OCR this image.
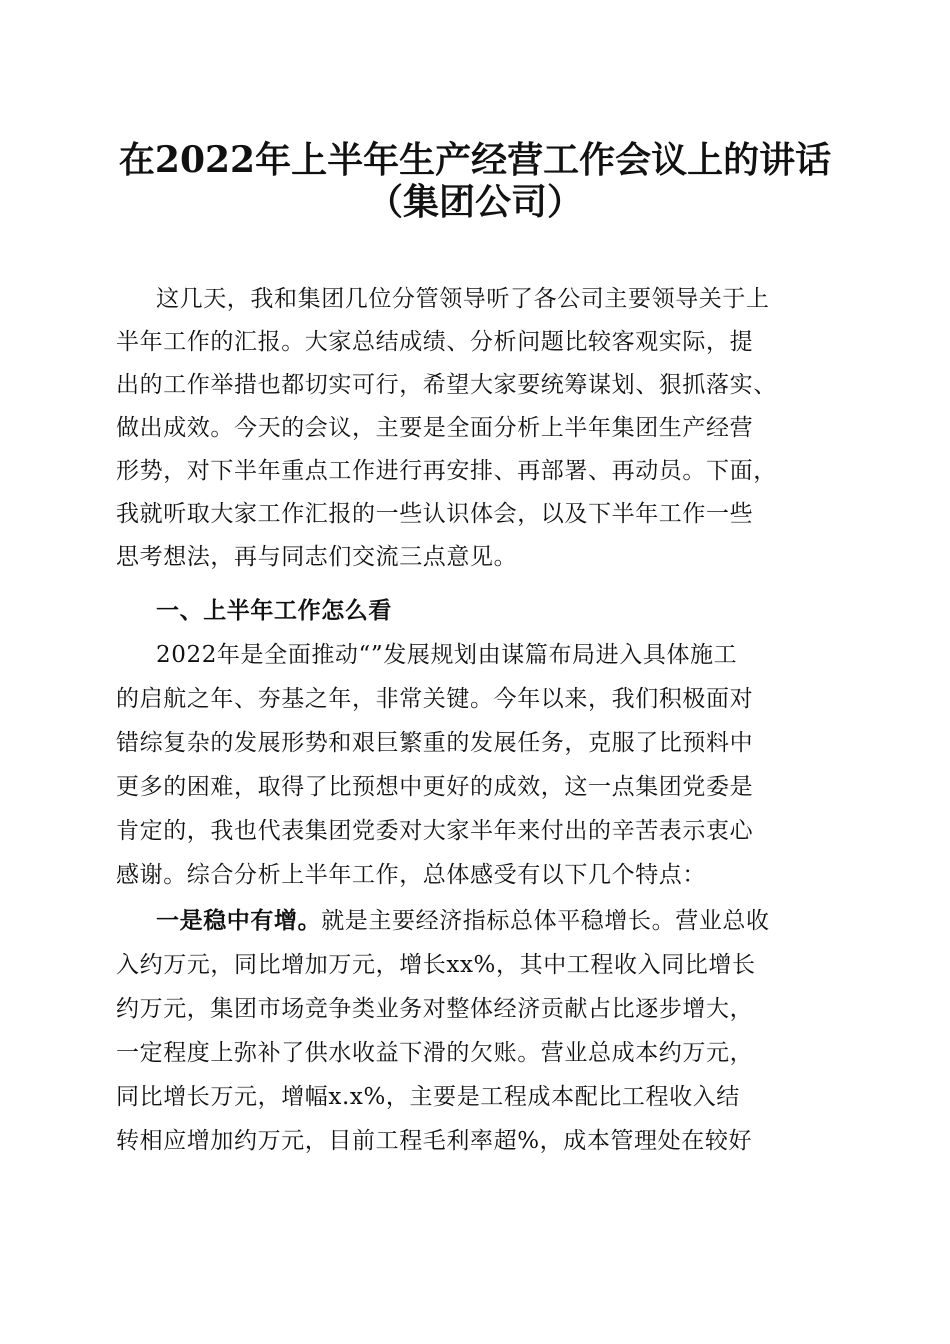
在2022年上半年生产经营工作会议上的讲话
（集团公司）
这几天，我和集团几位分管领导听了各公司主要领导关于上
半年工作的汇报。大家总结成绩、分析问题比较客观实际，提
出的工作举措也都切实可行，希望大家要统筹谋划、狠抓落实、
做出成效。今天的会议，主要是全面分析上半年集团生产经营
形势，对下半年重点工作进行再安排、再部署、再动员。下面，
我就听取大家工作汇报的一些认识体会，以及下半年工作一些
思考想法，再与同志们交流三点意见。
一、上半年工作怎么看
2022年是全面推动“”发展规划由谋篇布局进入具体施工
的启航之年、夯基之年，非常关键。今年以来，我们积极面对
错综复杂的发展形势和艰巨繁重的发展任务，克服了比预料中
更多的困难，取得了比预想中更好的成效，这一点集团党委是
肯定的，我也代表集团党委对大家半年来付出的辛苦表示衷心
感谢。综合分析上半年工作，总体感受有以下几个特点：
一是稳中有增。就是主要经济指标总体平稳增长。营业总收
入约万元，同比增加万元，增长xx%，其中工程收入同比增长
约万元，集团市场竞争类业务对整体经济贡献占比逐步增大，
一定程度上弥补了供水收益下滑的欠账。营业总成本约万元，
同比增长万元，增幅x.x%，主要是工程成本配比工程收入结
转相应增加约万元，目前工程毛利率超%，成本管理处在较好
